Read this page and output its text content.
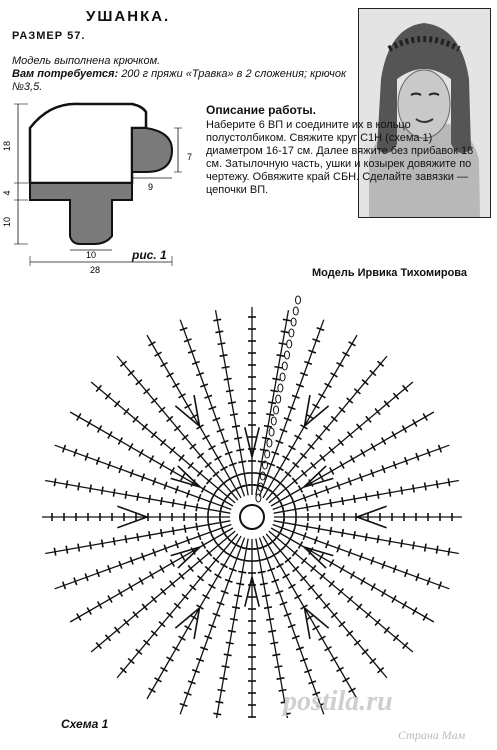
УШАНКА.
РАЗМЕР 57.
Модель выполнена крючком.
Вам потребуется: 200 г пряжи «Травка» в 2 сложения; крючок №3,5.
18
4
10
7
9
10
28
рис. 1
Описание работы.
Наберите 6 ВП и соедините их в кольцо полустолбиком. Свяжите круг С1Н (схема 1) диаметром 16-17 см. Далее вяжите без прибавок 18 см. Затылочную часть, ушки и козырек довяжите по чертежу. Обвяжите край СБН. Сделайте завязки — цепочки ВП.
Модель Ирвика Тихомирова
Схема 1
postila.ru
Страна Мам
